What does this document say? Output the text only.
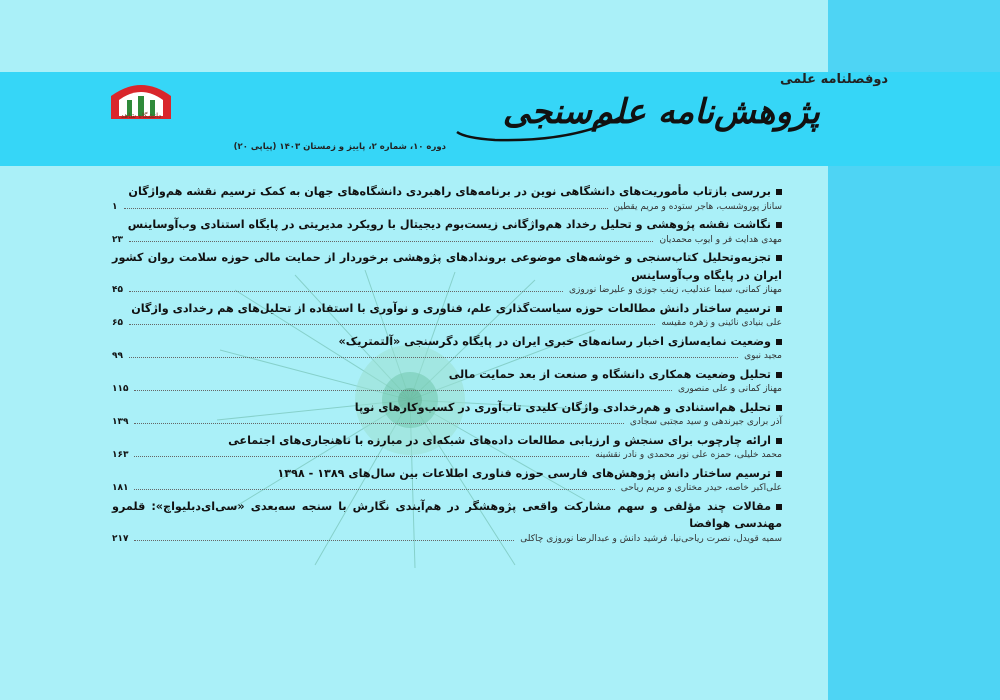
دانشگاه شاهد
دوفصلنامه علمی
پژوهش‌نامه علم‌سنجی
دوره ۱۰، شماره ۲، پاییز و زمستان ۱۴۰۳ (پیاپی ۲۰)
بررسی بازتاب مأموریت‌های دانشگاهی نوین در برنامه‌های راهبردی دانشگاه‌های جهان به کمک ترسیم نقشه هم‌واژگان
ساناز پوروشسب، هاجر ستوده و مریم یقطین
۱
نگاشت نقشه پژوهشی و تحلیل رخداد هم‌واژگانی زیست‌بوم دیجیتال با رویکرد مدیریتی در پایگاه استنادی وب‌آوساینس
مهدی هدایت فر و ایوب محمدیان
۲۳
تجزیه‌وتحلیل کتاب‌سنجی و خوشه‌های موضوعی برونداد‌های پژوهشی برخوردار از حمایت مالی حوزه سلامت روان کشور ایران در پایگاه وب‌آوساینس
مهناز کمانی، سیما عندلیب، زینب جوزی و علیرضا نوروزی
۴۵
ترسیم ساختار دانش مطالعات حوزه سیاست‌گذاری علم، فناوری و نوآوری با استفاده از تحلیل‌های هم رخدادی واژگان
علی بنیادی نائینی و زهره مقیسه
۶۵
وضعیت نمایه‌سازی اخبار رسانه‌های خبری ایران در پایگاه دگرسنجی «آلتمتریک»
مجید نبوی
۹۹
تحلیل وضعیت همکاری دانشگاه و صنعت از بعد حمایت مالی
مهناز کمانی و علی منصوری
۱۱۵
تحلیل هم‌استنادی و هم‌رخدادی واژگان کلیدی تاب‌آوری در کسب‌وکارهای نوپا
آذر براری جیرندهی و سید مجتبی سجادی
۱۳۹
ارائه چارچوب برای سنجش و ارزیابی مطالعات داده‌های شبکه‌ای در مبارزه با ناهنجاری‌های اجتماعی
محمد خلیلی، حمزه علی نور محمدی و نادر نقشینه
۱۶۳
ترسیم ساختار دانش پژوهش‌های فارسی حوزه فناوری اطلاعات بین سال‌های ۱۳۸۹ - ۱۳۹۸
علی‌اکبر خاصه، حیدر مختاری و مریم ریاحی
۱۸۱
مقالات چند مؤلفی و سهم مشارکت واقعی پژوهشگر در هم‌آیندی نگارش با سنجه سه‌بعدی «سی‌ای‌دبلیواچ»: قلمرو مهندسی هوافضا
سمیه قویدل، نصرت ریاحی‌نیا، فرشید دانش و عبدالرضا نوروزی چاکلی
۲۱۷
